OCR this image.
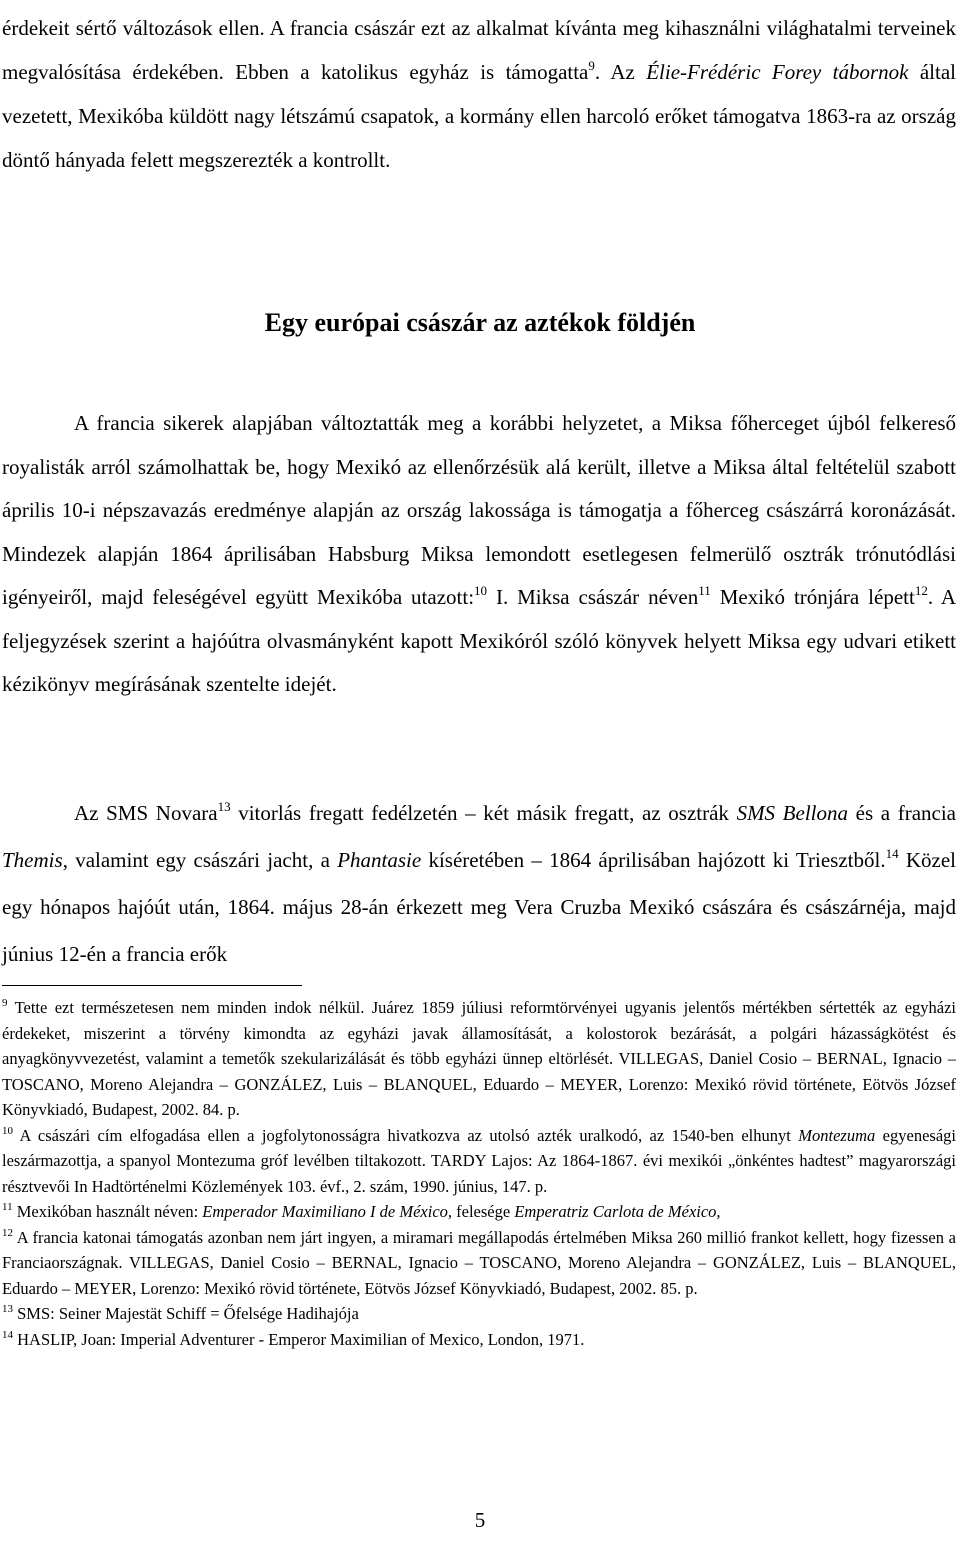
érdekeit sértő változások ellen. A francia császár ezt az alkalmat kívánta meg kihasználni világhatalmi terveinek megvalósítása érdekében. Ebben a katolikus egyház is támogatta$^9$. Az Élie-Frédéric Forey tábornok által vezetett, Mexikóba küldött nagy létszámú csapatok, a kormány ellen harcoló erőket támogatva 1863-ra az ország döntő hányada felett megszerezték a kontrollt.

Egy európai császár az aztékok földjén

A francia sikerek alapjában változtatták meg a korábbi helyzetet, a Miksa főherceget újból felkereső royalisták arról számolhattak be, hogy Mexikó az ellenőrzésük alá került, illetve a Miksa által feltételül szabott április 10-i népszavazás eredménye alapján az ország lakossága is támogatja a főherceg császárrá koronázását. Mindezek alapján 1864 áprilisában Habsburg Miksa lemondott esetlegesen felmerülő osztrák trónutódlási igényeiről, majd feleségével együtt Mexikóba utazott:$^{10}$ I. Miksa császár néven$^{11}$ Mexikó trónjára lépett$^{12}$. A feljegyzések szerint a hajóútra olvasmányként kapott Mexikóról szóló könyvek helyett Miksa egy udvari etikett kézikönyv megírásának szentelte idejét.

Az SMS Novara$^{13}$ vitorlás fregatt fedélzetén – két másik fregatt, az osztrák SMS Bellona és a francia Themis, valamint egy császári jacht, a Phantasie kíséretében – 1864 áprilisában hajózott ki Triesztből.$^{14}$ Közel egy hónapos hajóút után, 1864. május 28-án érkezett meg Vera Cruzba Mexikó császára és császárnéja, majd június 12-én a francia erők

$^9$ Tette ezt természetesen nem minden indok nélkül. Juárez 1859 júliusi reformtörvényei ugyanis jelentős mértékben sértették az egyházi érdekeket, miszerint a törvény kimondta az egyházi javak államosítását, a kolostorok bezárását, a polgári házasságkötést és anyagkönyvvezetést, valamint a temetők szekularizálását és több egyházi ünnep eltörlését. VILLEGAS, Daniel Cosio – BERNAL, Ignacio – TOSCANO, Moreno Alejandra – GONZÁLEZ, Luis – BLANQUEL, Eduardo – MEYER, Lorenzo: Mexikó rövid története, Eötvös József Könyvkiadó, Budapest, 2002. 84. p.

$^{10}$ A császári cím elfogadása ellen a jogfolytonosságra hivatkozva az utolsó azték uralkodó, az 1540-ben elhunyt Montezuma egyenesági leszármazottja, a spanyol Montezuma gróf levélben tiltakozott. TARDY Lajos: Az 1864-1867. évi mexikói „önkéntes hadtest” magyarországi résztvevői In Hadtörténelmi Közlemények 103. évf., 2. szám, 1990. június, 147. p.

$^{11}$ Mexikóban használt néven: Emperador Maximiliano I de México, felesége Emperatriz Carlota de México,

$^{12}$ A francia katonai támogatás azonban nem járt ingyen, a miramari megállapodás értelmében Miksa 260 millió frankot kellett, hogy fizessen a Franciaországnak. VILLEGAS, Daniel Cosio – BERNAL, Ignacio – TOSCANO, Moreno Alejandra – GONZÁLEZ, Luis – BLANQUEL, Eduardo – MEYER, Lorenzo: Mexikó rövid története, Eötvös József Könyvkiadó, Budapest, 2002. 85. p.

$^{13}$ SMS: Seiner Majestät Schiff = Őfelsége Hadihajója

$^{14}$ HASLIP, Joan: Imperial Adventurer - Emperor Maximilian of Mexico, London, 1971.

5
